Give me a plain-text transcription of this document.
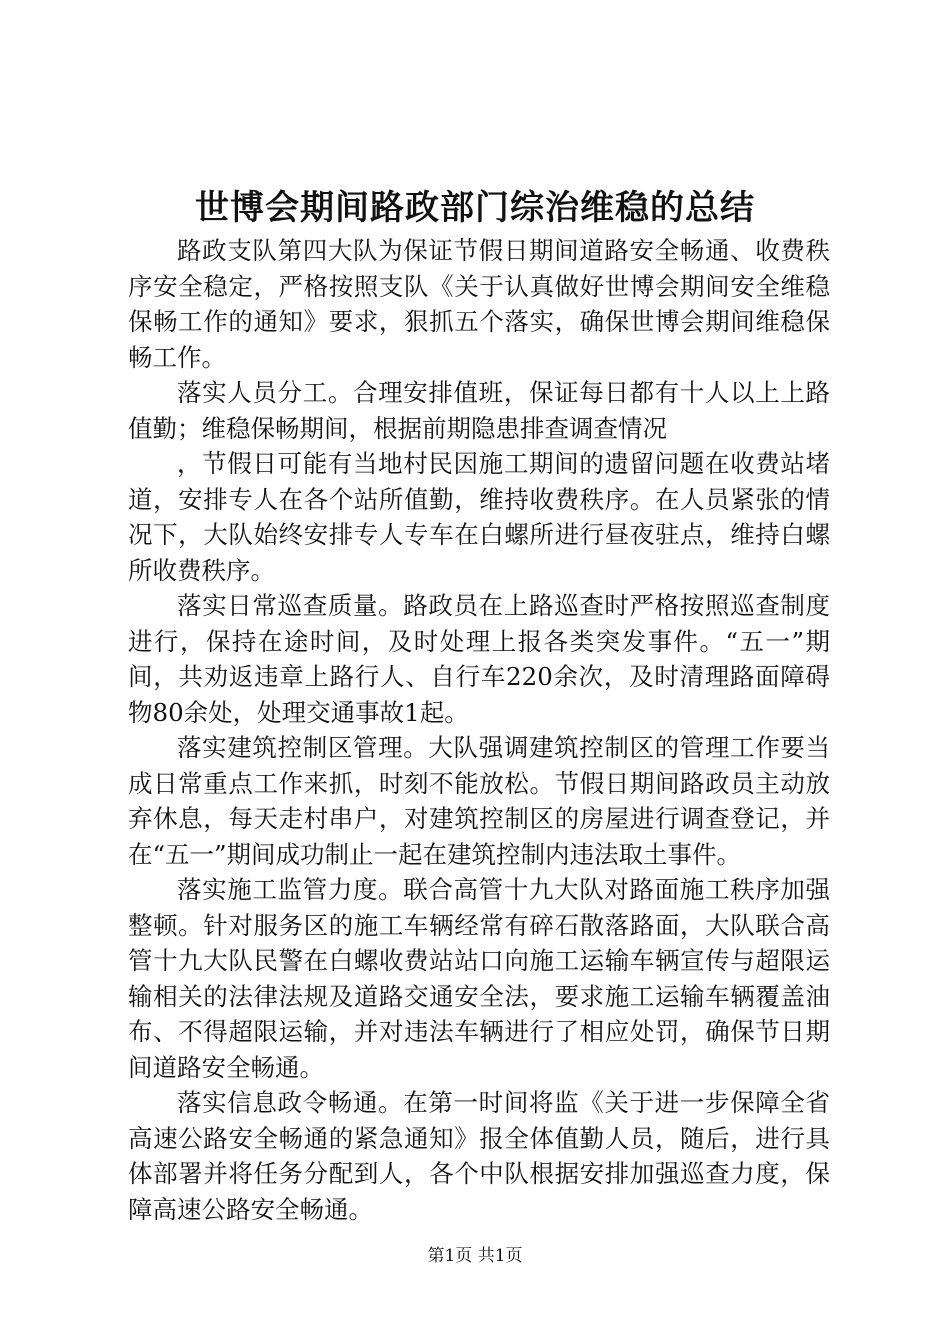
世博会期间路政部门综治维稳的总结

路政支队第四大队为保证节假日期间道路安全畅通、收费秩序安全稳定，严格按照支队《关于认真做好世博会期间安全维稳保畅工作的通知》要求，狠抓五个落实，确保世博会期间维稳保畅工作。

落实人员分工。合理安排值班，保证每日都有十人以上上路值勤；维稳保畅期间，根据前期隐患排查调查情况

，节假日可能有当地村民因施工期间的遗留问题在收费站堵道，安排专人在各个站所值勤，维持收费秩序。在人员紧张的情况下，大队始终安排专人专车在白螺所进行昼夜驻点，维持白螺所收费秩序。

落实日常巡查质量。路政员在上路巡查时严格按照巡查制度进行，保持在途时间，及时处理上报各类突发事件。“五一”期间，共劝返违章上路行人、自行车220余次，及时清理路面障碍物80余处，处理交通事故1起。

落实建筑控制区管理。大队强调建筑控制区的管理工作要当成日常重点工作来抓，时刻不能放松。节假日期间路政员主动放弃休息，每天走村串户，对建筑控制区的房屋进行调查登记，并在“五一”期间成功制止一起在建筑控制内违法取土事件。

落实施工监管力度。联合高管十九大队对路面施工秩序加强整顿。针对服务区的施工车辆经常有碎石散落路面，大队联合高管十九大队民警在白螺收费站站口向施工运输车辆宣传与超限运输相关的法律法规及道路交通安全法，要求施工运输车辆覆盖油布、不得超限运输，并对违法车辆进行了相应处罚，确保节日期间道路安全畅通。

落实信息政令畅通。在第一时间将监《关于进一步保障全省高速公路安全畅通的紧急通知》报全体值勤人员，随后，进行具体部署并将任务分配到人，各个中队根据安排加强巡查力度，保障高速公路安全畅通。

第1页 共1页
